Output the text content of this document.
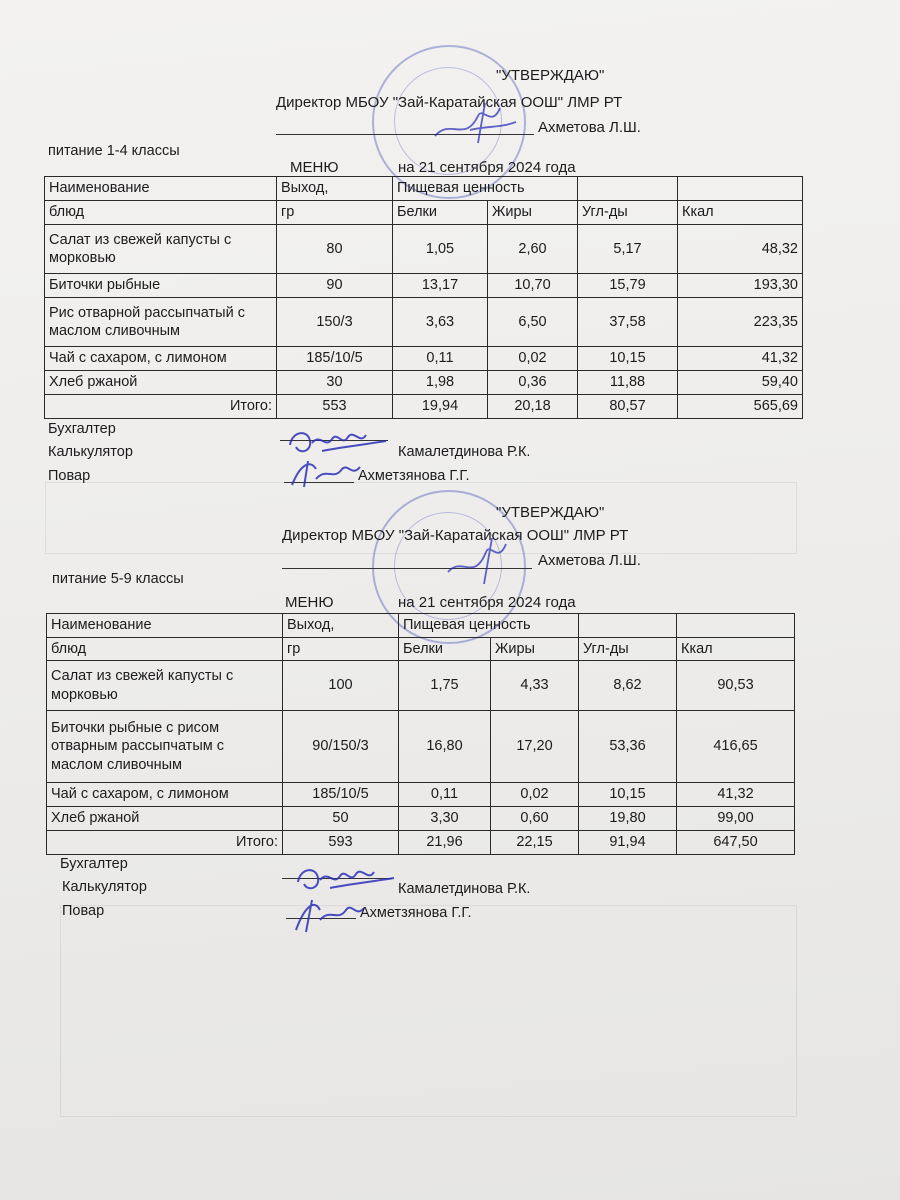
"УТВЕРЖДАЮ"
Директор МБОУ "Зай-Каратайская ООШ" ЛМР РТ
Ахметова Л.Ш.
питание 1-4 классы
МЕНЮ	на 21 сентября 2024 года
Наименование	Выход,	Пищевая ценность			
блюд	гр	Белки	Жиры	Угл-ды	Ккал
Салат из свежей капусты с морковью	80	1,05	2,60	5,17	48,32
Биточки рыбные	90	13,17	10,70	15,79	193,30
Рис отварной рассыпчатый с маслом сливочным	150/3	3,63	6,50	37,58	223,35
Чай с сахаром, с лимоном	185/10/5	0,11	0,02	10,15	41,32
Хлеб ржаной	30	1,98	0,36	11,88	59,40
Итого:	553	19,94	20,18	80,57	565,69
Бухгалтер
Калькулятор	Камалетдинова Р.К.
Повар	Ахметзянова Г.Г.
"УТВЕРЖДАЮ"
Директор МБОУ "Зай-Каратайская ООШ" ЛМР РТ
Ахметова Л.Ш.
питание 5-9 классы
МЕНЮ	на 21 сентября 2024 года
Наименование	Выход,	Пищевая ценность			
блюд	гр	Белки	Жиры	Угл-ды	Ккал
Салат из свежей капусты с морковью	100	1,75	4,33	8,62	90,53
Биточки рыбные с рисом отварным рассыпчатым с маслом сливочным	90/150/3	16,80	17,20	53,36	416,65
Чай с сахаром, с лимоном	185/10/5	0,11	0,02	10,15	41,32
Хлеб ржаной	50	3,30	0,60	19,80	99,00
Итого:	593	21,96	22,15	91,94	647,50
Бухгалтер
Калькулятор	Камалетдинова Р.К.
Повар	Ахметзянова Г.Г.
